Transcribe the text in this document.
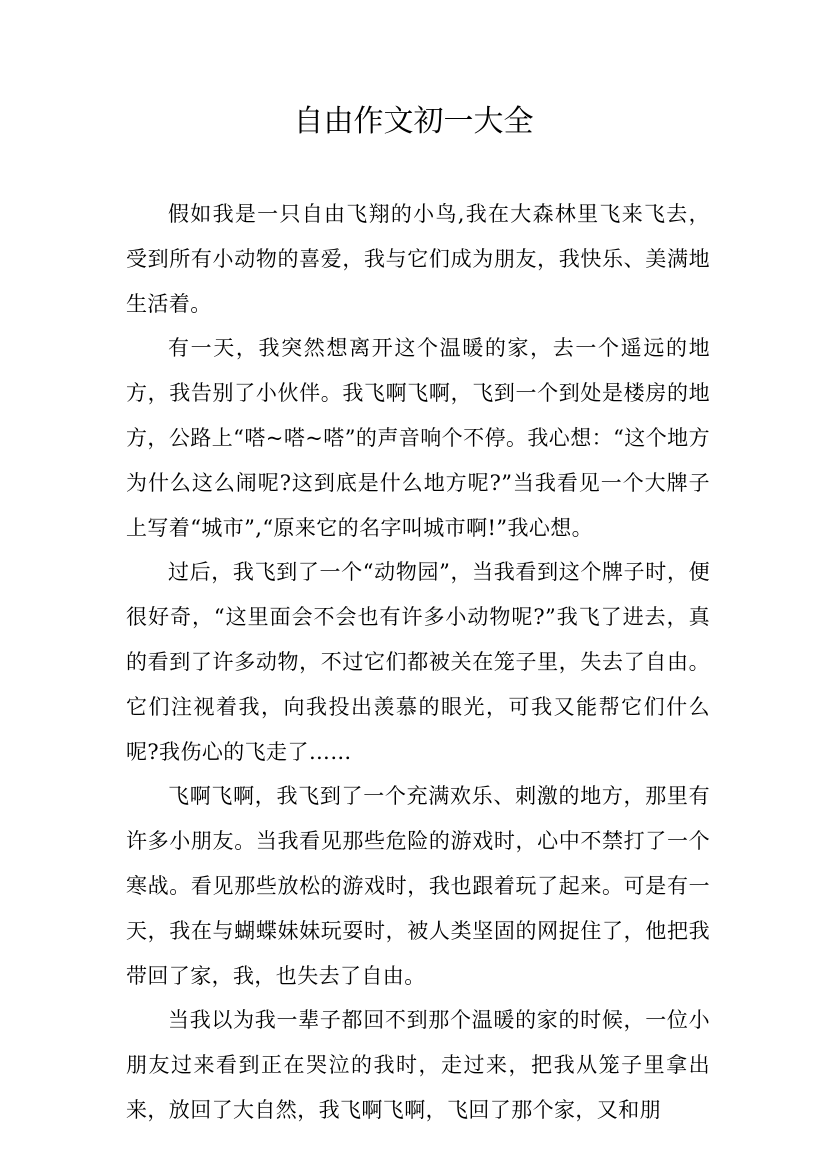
自由作文初一大全

假如我是一只自由飞翔的小鸟,我在大森林里飞来飞去，受到所有小动物的喜爱，我与它们成为朋友，我快乐、美满地生活着。

有一天，我突然想离开这个温暖的家，去一个遥远的地方，我告别了小伙伴。我飞啊飞啊，飞到一个到处是楼房的地方，公路上“嗒~嗒~嗒”的声音响个不停。我心想：“这个地方为什么这么闹呢?这到底是什么地方呢?”当我看见一个大牌子上写着“城市”,“原来它的名字叫城市啊!”我心想。

过后，我飞到了一个“动物园”，当我看到这个牌子时，便很好奇，“这里面会不会也有许多小动物呢?”我飞了进去，真的看到了许多动物，不过它们都被关在笼子里，失去了自由。它们注视着我，向我投出羡慕的眼光，可我又能帮它们什么呢?我伤心的飞走了……

飞啊飞啊，我飞到了一个充满欢乐、刺激的地方，那里有许多小朋友。当我看见那些危险的游戏时，心中不禁打了一个寒战。看见那些放松的游戏时，我也跟着玩了起来。可是有一天，我在与蝴蝶妹妹玩耍时，被人类坚固的网捉住了，他把我带回了家，我，也失去了自由。

当我以为我一辈子都回不到那个温暖的家的时候，一位小朋友过来看到正在哭泣的我时，走过来，把我从笼子里拿出来，放回了大自然，我飞啊飞啊，飞回了那个家，又和朋
